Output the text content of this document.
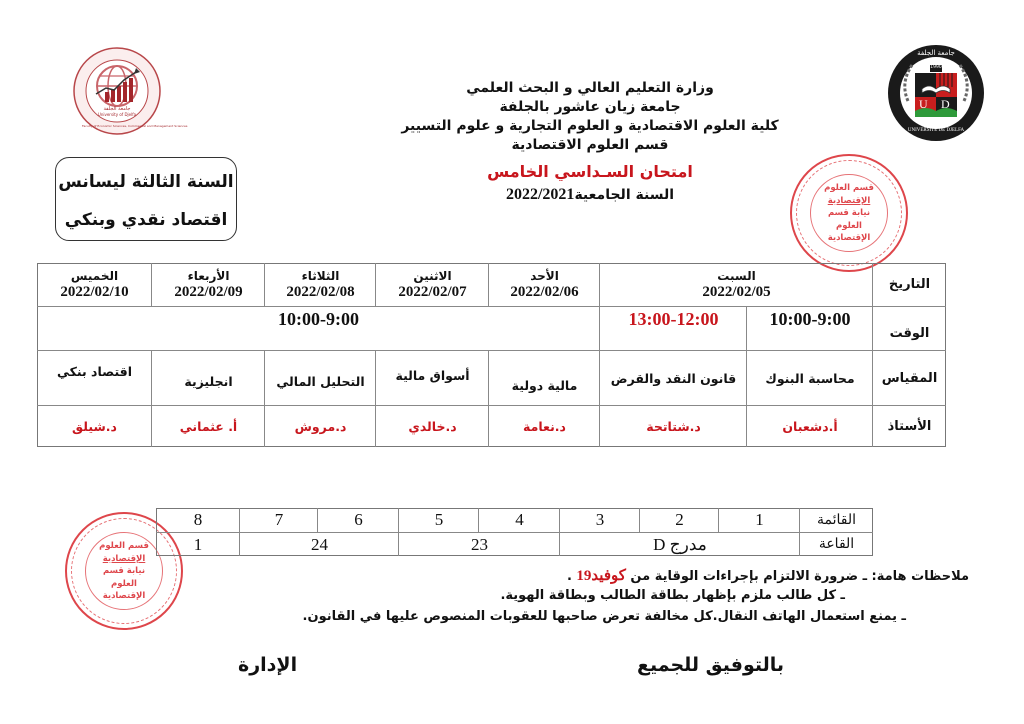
جامعة الجلفة
University of Djelfa
Faculty of Economic Sciences, Commercial and Management Sciences
جامعة الجلفة
1990
U D
UNIVERSITÉ DE DJELFA
وزارة التعليم العالي و البحث العلمي
جامعة زيان عاشور بالجلفة
كلية العلوم الاقتصادية و العلوم التجارية و علوم التسيير
قسم العلوم الاقتصادية
امتحان السـداسي الخامس
السنة الجامعية2022/2021
السنة الثالثة ليسانس
اقتصاد نقدي وبنكي
قسم العلوم
الإقتصادية
نيابة قسم
العلوم
الإقتصادية
التاريخ
السبت
2022/02/05
الأحد
2022/02/06
الاثنين
2022/02/07
الثلاثاء
2022/02/08
الأربعاء
2022/02/09
الخميس
2022/02/10
الوقت
10:00-9:00
13:00-12:00
10:00-9:00
المقياس
محاسبة البنوك
قانون النقد والقرض
مالية دولية
أسواق مالية
التحليل المالي
انجليزية
اقتصاد بنكي
الأستاذ
أ.دشعبان
د.شتاتحة
د.نعامة
د.خالدي
د.مروش
أ. عثماني
د.شيلق
قسم العلوم
الإقتصادية
نيابة قسم
العلوم
الإقتصادية
القائمة
1
2
3
4
5
6
7
8
القاعة
مدرج D
23
24
1
ملاحظات هامة: ـ ضرورة الالتزام بإجراءات الوقاية من كوفيد19 .
ـ كل طالب ملزم بإظهار بطاقة الطالب وبطاقة الهوية.
ـ يمنع استعمال الهاتف النقال.كل مخالفة تعرض صاحبها للعقوبات المنصوص عليها في القانون.
بالتوفيق للجميع
الإدارة
